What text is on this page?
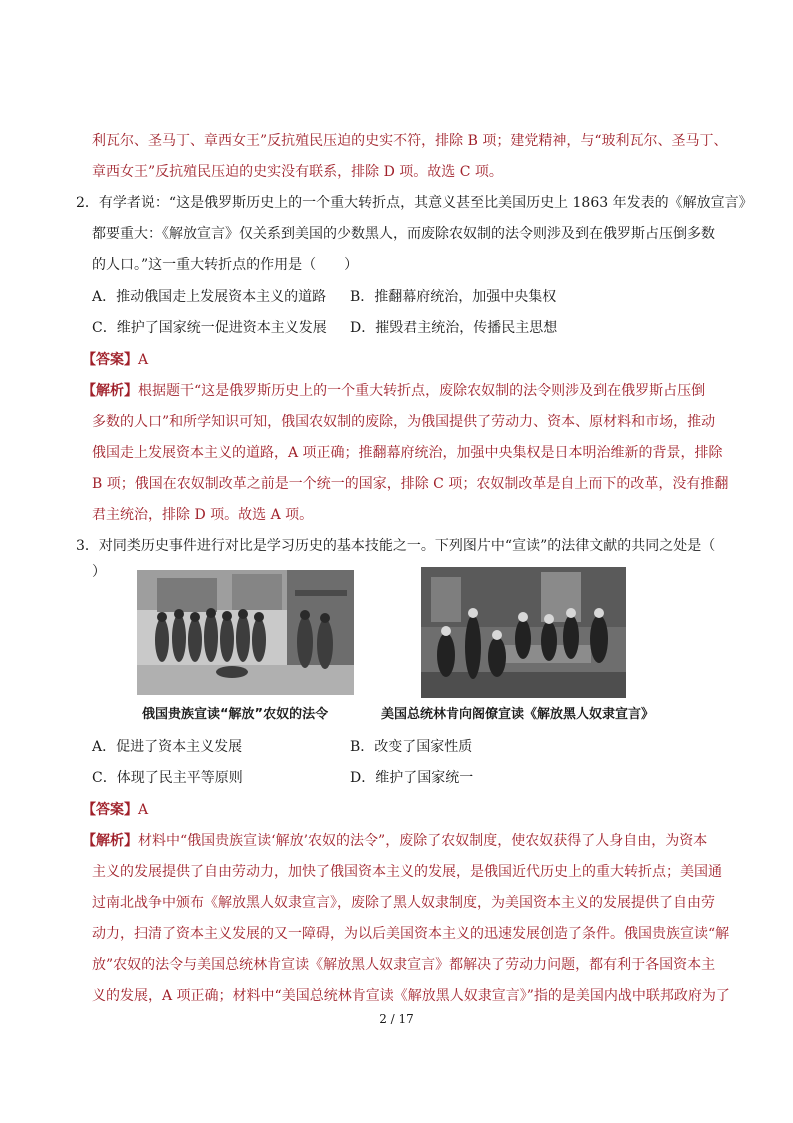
利瓦尔、圣马丁、章西女王”反抗殖民压迫的史实不符，排除 B 项；建党精神，与“玻利瓦尔、圣马丁、
章西女王”反抗殖民压迫的史实没有联系，排除 D 项。故选 C 项。
2．有学者说：“这是俄罗斯历史上的一个重大转折点，其意义甚至比美国历史上 1863 年发表的《解放宣言》
都要重大：《解放宣言》仅关系到美国的少数黑人，而废除农奴制的法令则涉及到在俄罗斯占压倒多数
的人口。”这一重大转折点的作用是（　　）
A．推动俄国走上发展资本主义的道路 B．推翻幕府统治，加强中央集权
C．维护了国家统一促进资本主义发展 D．摧毁君主统治，传播民主思想
【答案】A
【解析】根据题干“这是俄罗斯历史上的一个重大转折点，废除农奴制的法令则涉及到在俄罗斯占压倒
多数的人口”和所学知识可知，俄国农奴制的废除，为俄国提供了劳动力、资本、原材料和市场，推动
俄国走上发展资本主义的道路，A 项正确；推翻幕府统治，加强中央集权是日本明治维新的背景，排除
B 项；俄国在农奴制改革之前是一个统一的国家，排除 C 项；农奴制改革是自上而下的改革，没有推翻
君主统治，排除 D 项。故选 A 项。
3．对同类历史事件进行对比是学习历史的基本技能之一。下列图片中“宣读”的法律文献的共同之处是（
）
俄国贵族宣读“解放”农奴的法令	美国总统林肯向阁僚宣读《解放黑人奴隶宣言》
A．促进了资本主义发展	B．改变了国家性质
C．体现了民主平等原则	D．维护了国家统一
【答案】A
【解析】材料中“俄国贵族宣读‘解放’农奴的法令”，废除了农奴制度，使农奴获得了人身自由，为资本
主义的发展提供了自由劳动力，加快了俄国资本主义的发展，是俄国近代历史上的重大转折点；美国通
过南北战争中颁布《解放黑人奴隶宣言》，废除了黑人奴隶制度，为美国资本主义的发展提供了自由劳
动力，扫清了资本主义发展的又一障碍，为以后美国资本主义的迅速发展创造了条件。俄国贵族宣读“解
放”农奴的法令与美国总统林肯宣读《解放黑人奴隶宣言》都解决了劳动力问题，都有利于各国资本主
义的发展，A 项正确；材料中“美国总统林肯宣读《解放黑人奴隶宣言》”指的是美国内战中联邦政府为了
2 / 17
